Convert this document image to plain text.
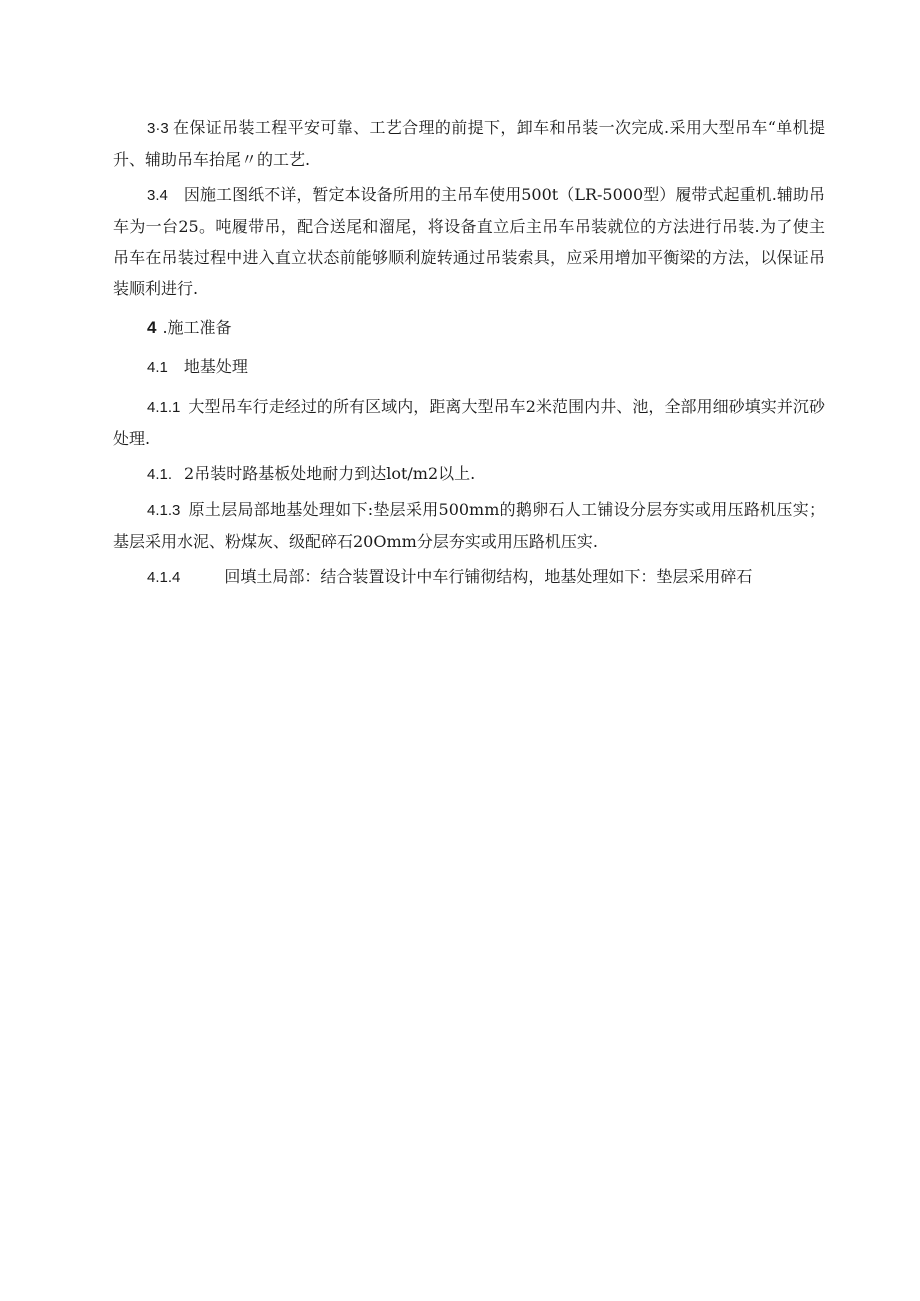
3·3 在保证吊装工程平安可靠、工艺合理的前提下，卸车和吊装一次完成.采用大型吊车“单机提升、辅助吊车抬尾〃的工艺.

3.4 因施工图纸不详，暂定本设备所用的主吊车使用500t（LR-5000型）履带式起重机.辅助吊车为一台25。吨履带吊，配合送尾和溜尾，将设备直立后主吊车吊装就位的方法进行吊装.为了使主吊车在吊装过程中进入直立状态前能够顺利旋转通过吊装索具，应采用增加平衡梁的方法，以保证吊装顺利进行.

4 .施工准备

4.1 地基处理

4.1.1 大型吊车行走经过的所有区域内，距离大型吊车2米范围内井、池，全部用细砂填实并沉砂处理.

4.1. 2吊装时路基板处地耐力到达lot∕m2以上.

4.1.3 原土层局部地基处理如下:垫层采用500mm的鹅卵石人工铺设分层夯实或用压路机压实；基层采用水泥、粉煤灰、级配碎石20Omm分层夯实或用压路机压实.

4.1.4	回填土局部：结合装置设计中车行铺彻结构，地基处理如下：垫层采用碎石
